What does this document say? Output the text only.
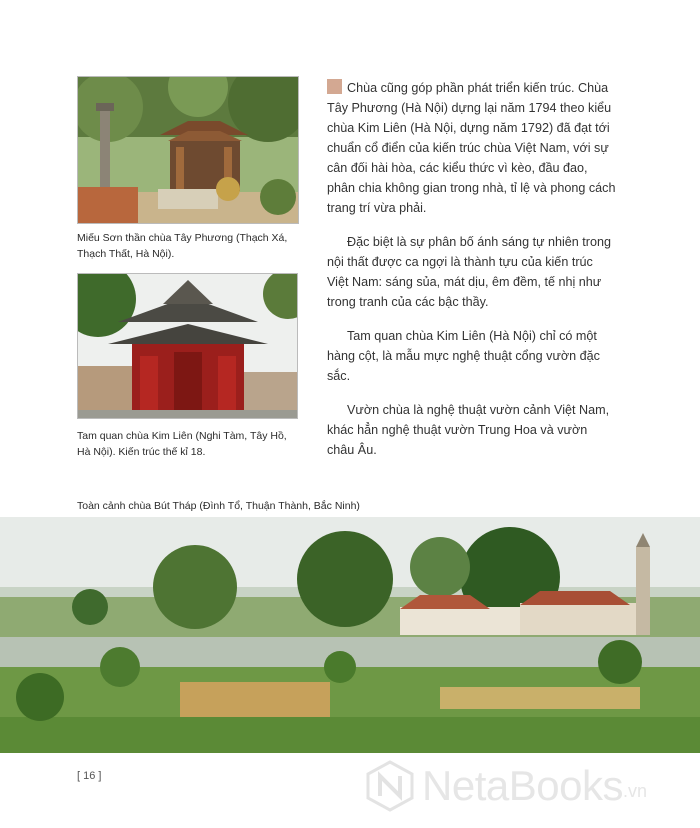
Miếu Sơn thần chùa Tây Phương (Thạch Xá, Thạch Thất, Hà Nội).
Tam quan chùa Kim Liên (Nghi Tàm, Tây Hồ, Hà Nội). Kiến trúc thế kỉ 18.

Chùa cũng góp phần phát triển kiến trúc. Chùa Tây Phương (Hà Nội) dựng lại năm 1794 theo kiểu chùa Kim Liên (Hà Nội, dựng năm 1792) đã đạt tới chuẩn cổ điển của kiến trúc chùa Việt Nam, với sự cân đối hài hòa, các kiểu thức vì kèo, đầu đao, phân chia không gian trong nhà, tỉ lệ và phong cách trang trí vừa phải.

Đặc biệt là sự phân bố ánh sáng tự nhiên trong nội thất được ca ngợi là thành tựu của kiến trúc Việt Nam: sáng sủa, mát dịu, êm đềm, tế nhị như trong tranh của các bậc thầy.

Tam quan chùa Kim Liên (Hà Nội) chỉ có một hàng cột, là mẫu mực nghệ thuật cổng vườn đặc sắc.

Vườn chùa là nghệ thuật vườn cảnh Việt Nam, khác hẳn nghệ thuật vườn Trung Hoa và vườn châu Âu.

Toàn cảnh chùa Bút Tháp (Đình Tổ, Thuận Thành, Bắc Ninh)
[ 16 ]	NetaBooks .vn
